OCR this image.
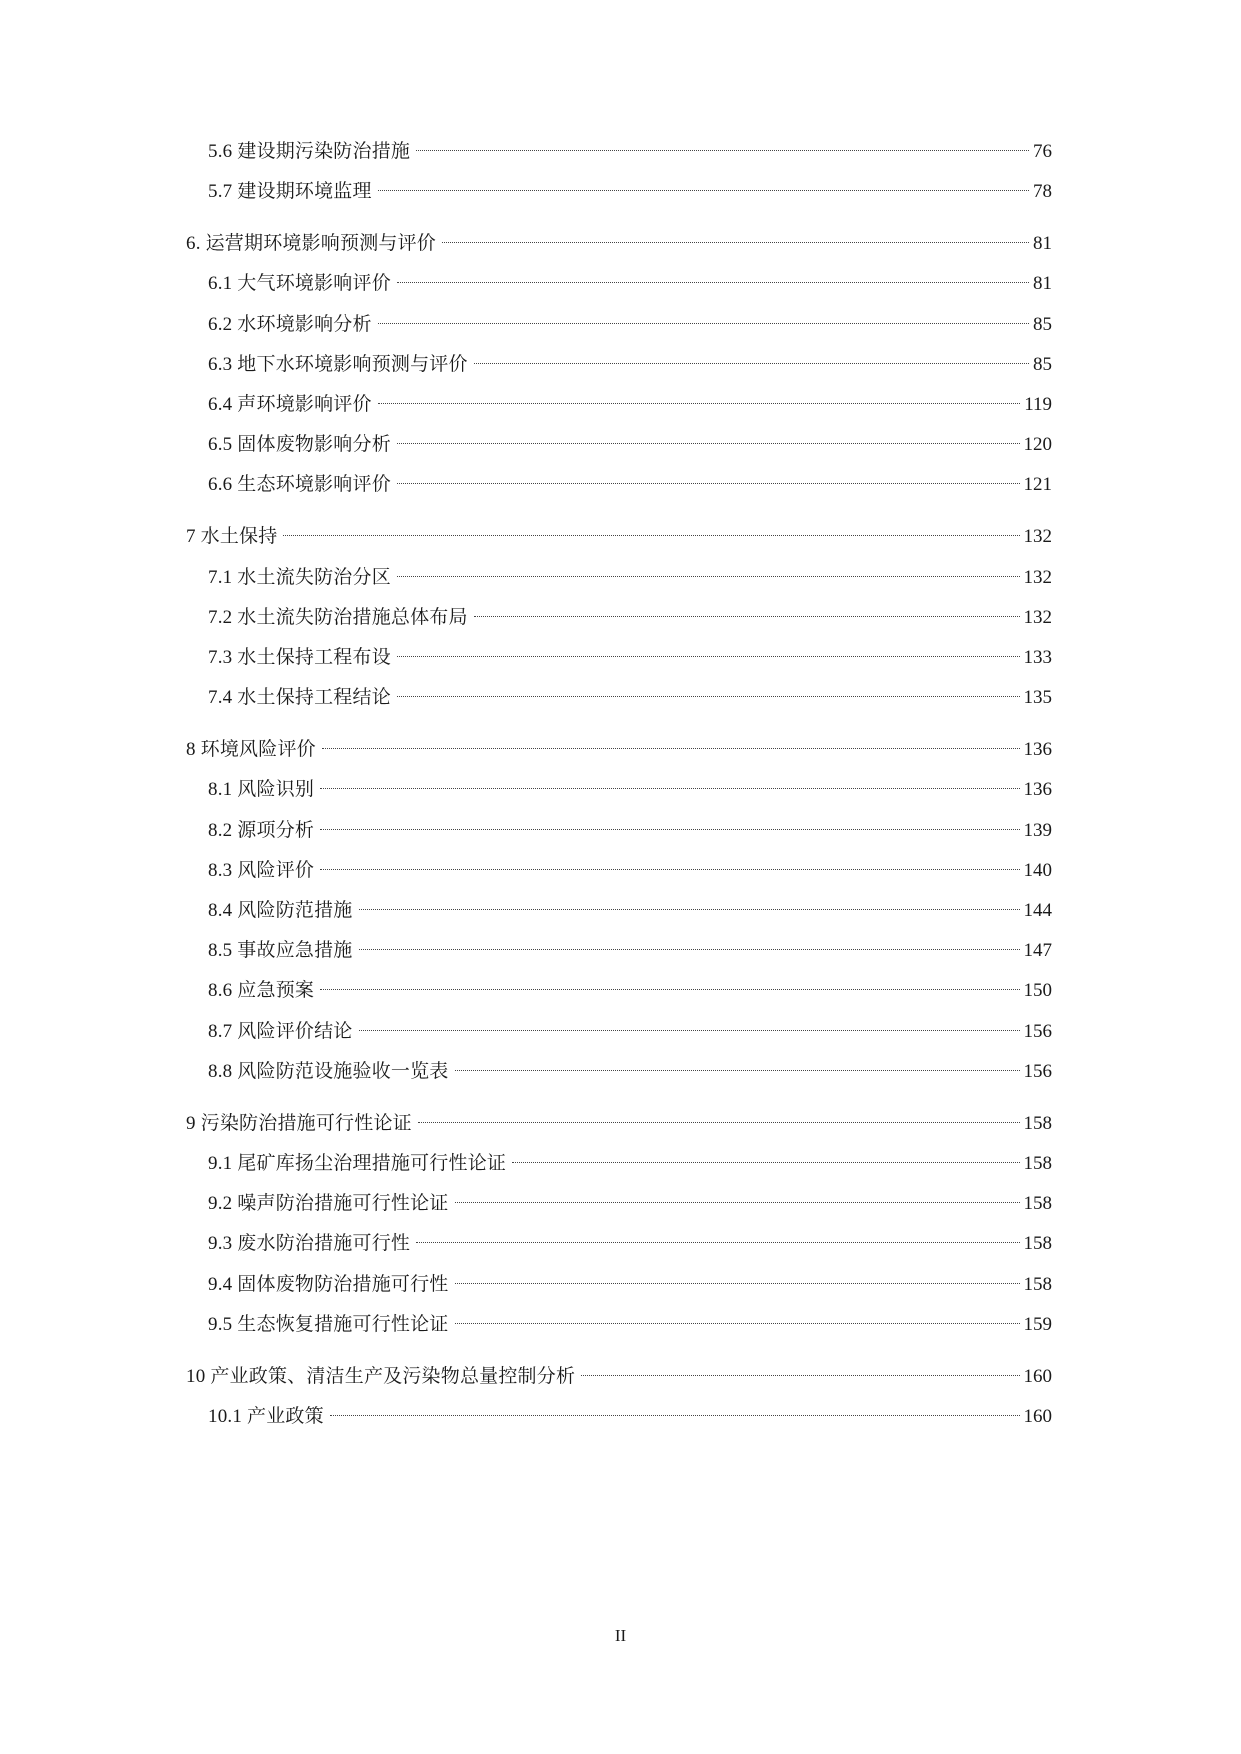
5.6 建设期污染防治措施	76
5.7 建设期环境监理	78
6. 运营期环境影响预测与评价	81
6.1 大气环境影响评价	81
6.2 水环境影响分析	85
6.3 地下水环境影响预测与评价	85
6.4 声环境影响评价	119
6.5 固体废物影响分析	120
6.6 生态环境影响评价	121
7 水土保持	132
7.1 水土流失防治分区	132
7.2 水土流失防治措施总体布局	132
7.3 水土保持工程布设	133
7.4 水土保持工程结论	135
8 环境风险评价	136
8.1 风险识别	136
8.2 源项分析	139
8.3 风险评价	140
8.4 风险防范措施	144
8.5 事故应急措施	147
8.6 应急预案	150
8.7 风险评价结论	156
8.8 风险防范设施验收一览表	156
9 污染防治措施可行性论证	158
9.1 尾矿库扬尘治理措施可行性论证	158
9.2 噪声防治措施可行性论证	158
9.3 废水防治措施可行性	158
9.4 固体废物防治措施可行性	158
9.5 生态恢复措施可行性论证	159
10 产业政策、清洁生产及污染物总量控制分析	160
10.1 产业政策	160
II
